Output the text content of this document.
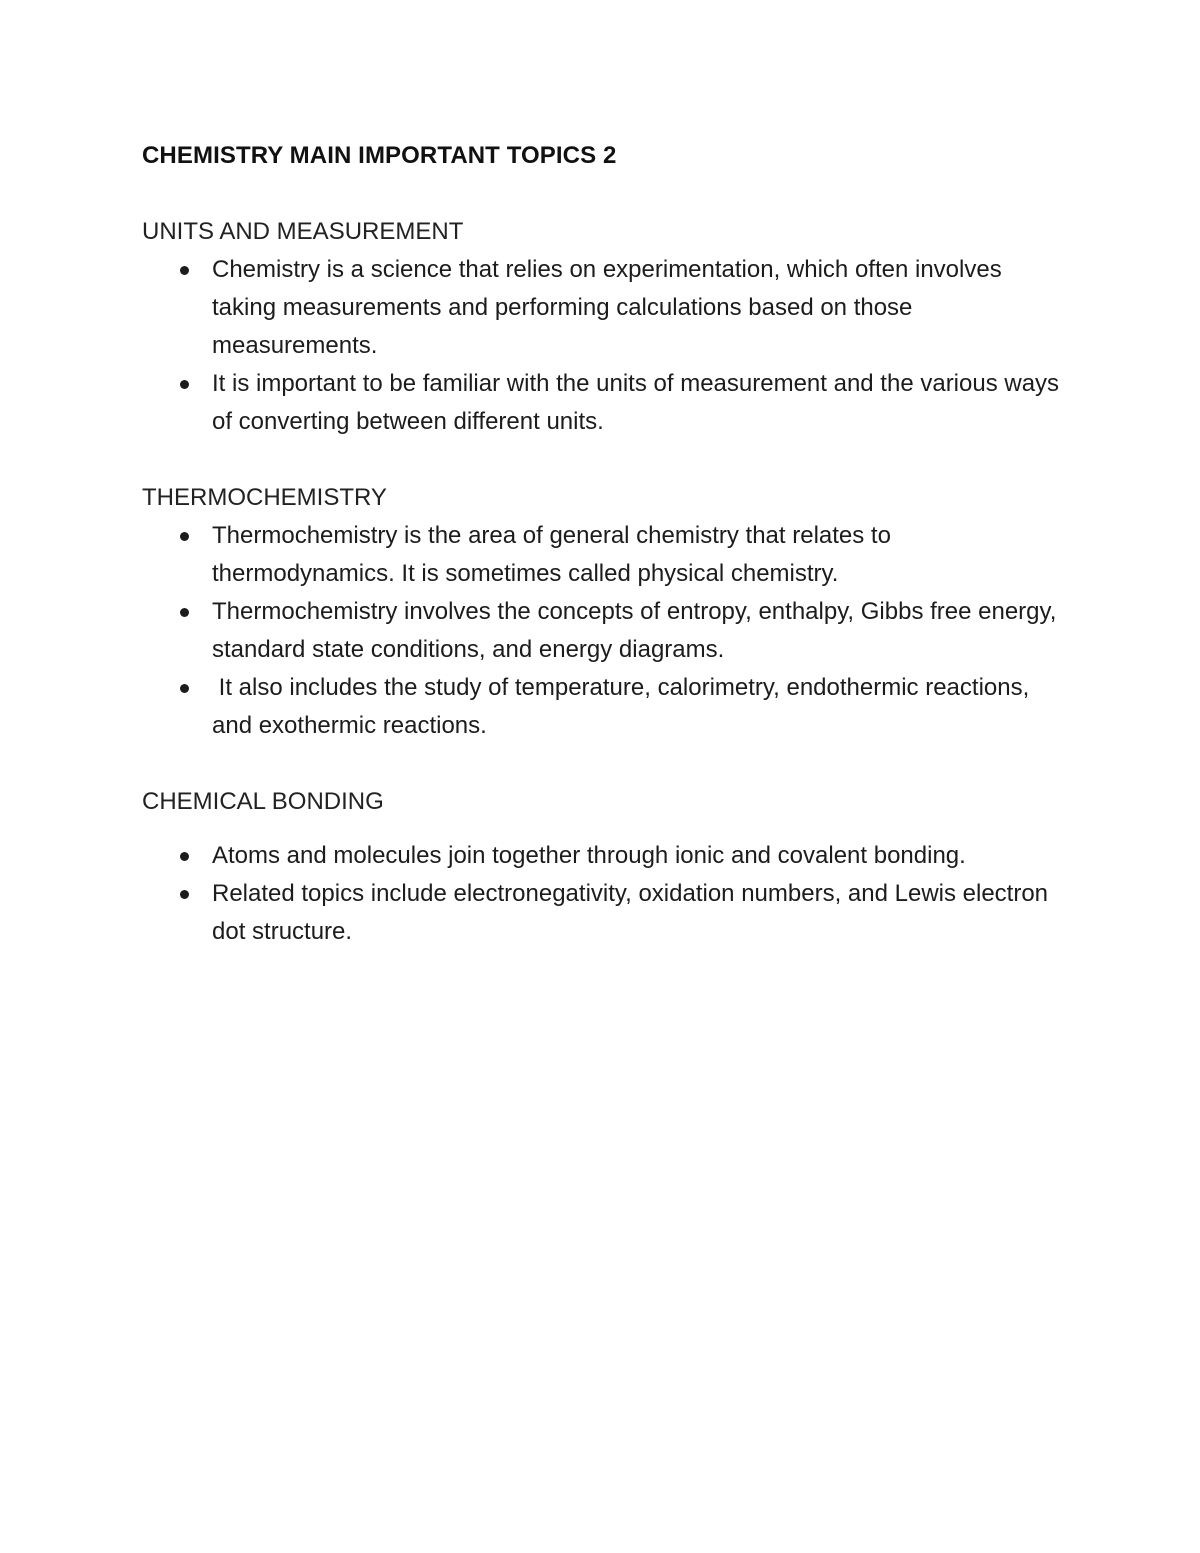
CHEMISTRY MAIN IMPORTANT TOPICS 2
UNITS AND MEASUREMENT
Chemistry is a science that relies on experimentation, which often involves taking measurements and performing calculations based on those measurements.
It is important to be familiar with the units of measurement and the various ways of converting between different units.
THERMOCHEMISTRY
Thermochemistry is the area of general chemistry that relates to thermodynamics. It is sometimes called physical chemistry.
Thermochemistry involves the concepts of entropy, enthalpy, Gibbs free energy, standard state conditions, and energy diagrams.
It also includes the study of temperature, calorimetry, endothermic reactions, and exothermic reactions.
CHEMICAL BONDING
Atoms and molecules join together through ionic and covalent bonding.
Related topics include electronegativity, oxidation numbers, and Lewis electron dot structure.
